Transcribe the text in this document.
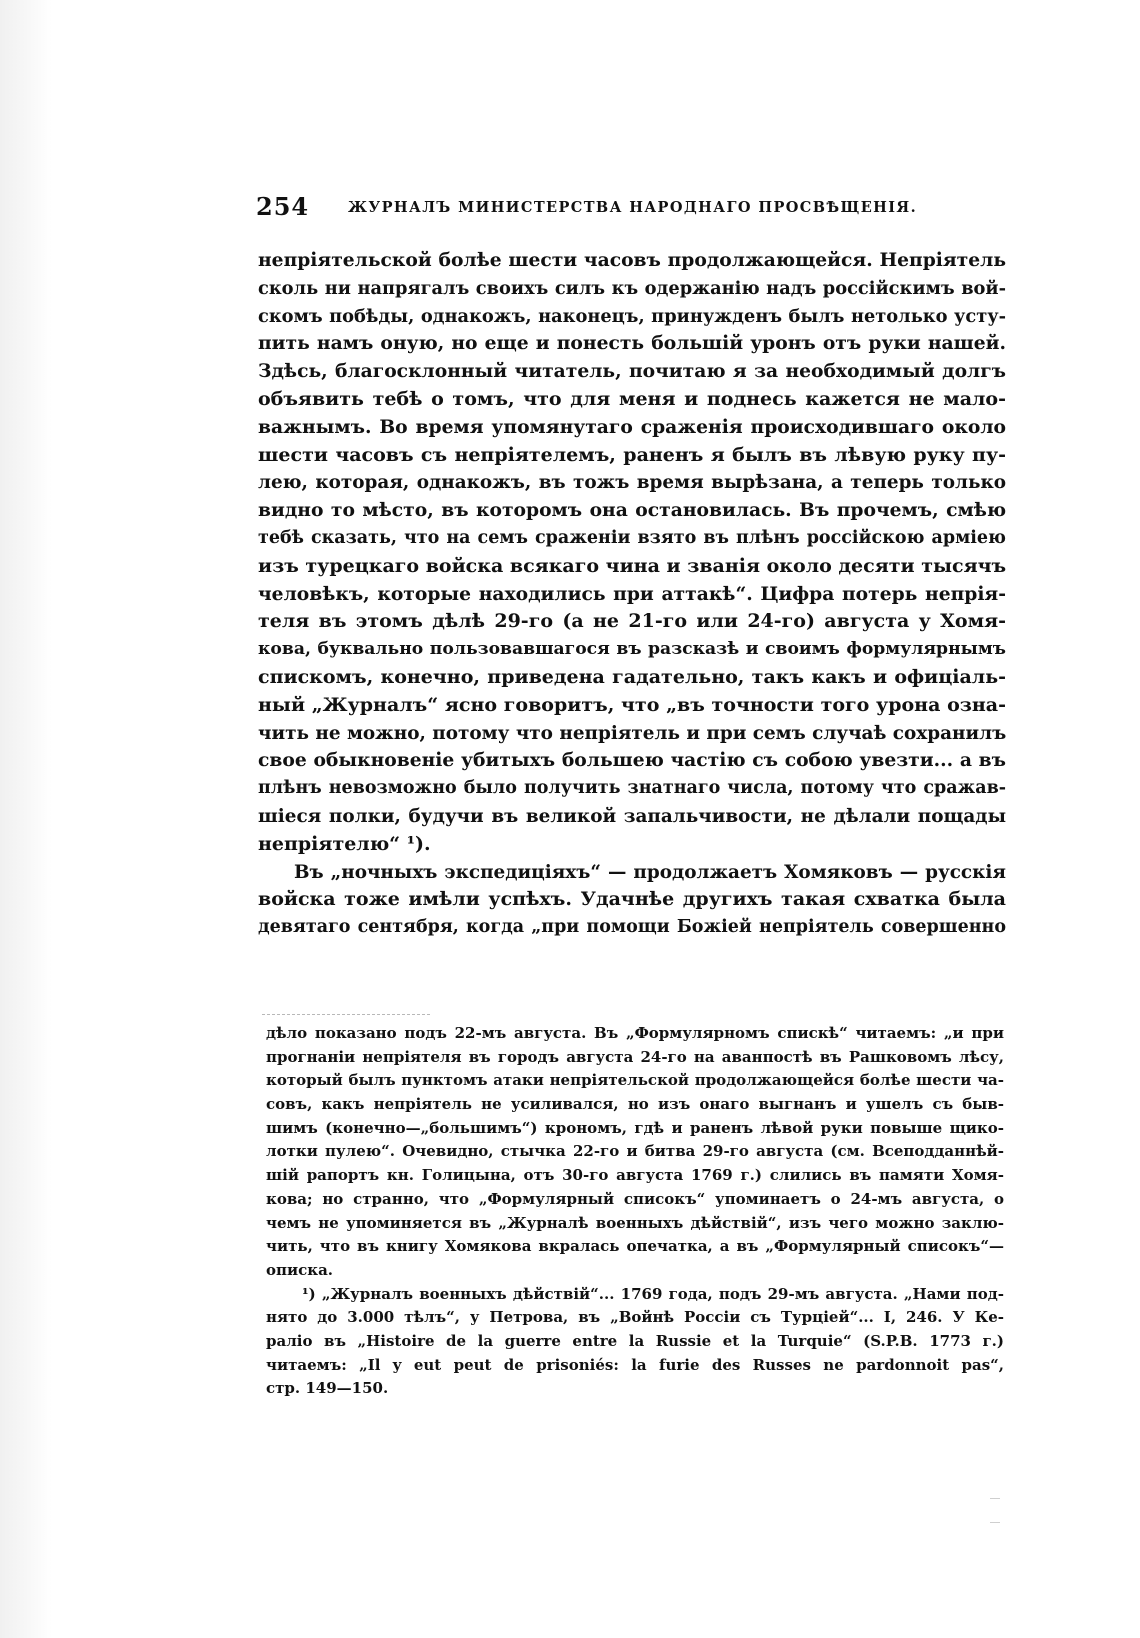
254	ЖУРНАЛЪ МИНИСТЕРСТВА НАРОДНАГО ПРОСВѢЩЕНІЯ.
непріятельской болѣе шести часовъ продолжающейся. Непріятель
сколь ни напрягалъ своихъ силъ къ одержанію надъ россійскимъ вой-
скомъ побѣды, однакожъ, наконецъ, принужденъ былъ нетолько усту-
пить намъ оную, но еще и понесть большій уронъ отъ руки нашей.
Здѣсь, благосклонный читатель, почитаю я за необходимый долгъ
объявить тебѣ о томъ, что для меня и поднесь кажется не мало-
важнымъ. Во время упомянутаго сраженія происходившаго около
шести часовъ съ непріятелемъ, раненъ я былъ въ лѣвую руку пу-
лею, которая, однакожъ, въ тожъ время вырѣзана, а теперь только
видно то мѣсто, въ которомъ она остановилась. Въ прочемъ, смѣю
тебѣ сказать, что на семъ сраженіи взято въ плѣнъ россійскою арміею
изъ турецкаго войска всякаго чина и званія около десяти тысячъ
человѣкъ, которые находились при аттакѣ“. Цифра потерь непрія-
теля въ этомъ дѣлѣ 29-го (а не 21-го или 24-го) августа у Хомя-
кова, буквально пользовавшагося въ разсказѣ и своимъ формулярнымъ
спискомъ, конечно, приведена гадательно, такъ какъ и офиціаль-
ный „Журналъ“ ясно говоритъ, что „въ точности того урона озна-
чить не можно, потому что непріятель и при семъ случаѣ сохранилъ
свое обыкновеніе убитыхъ большею частію съ собою увезти... а въ
плѣнъ невозможно было получить знатнаго числа, потому что сражав-
шіеся полки, будучи въ великой запальчивости, не дѣлали пощады
непріятелю“ ¹).
Въ „ночныхъ экспедиціяхъ“ — продолжаетъ Хомяковъ — русскія
войска тоже имѣли успѣхъ. Удачнѣе другихъ такая схватка была
девятаго сентября, когда „при помощи Божіей непріятель совершенно
дѣло показано подъ 22-мъ августа. Въ „Формулярномъ спискѣ“ читаемъ: „и при
прогнаніи непріятеля въ городъ августа 24-го на аванпостѣ въ Рашковомъ лѣсу,
который былъ пунктомъ атаки непріятельской продолжающейся болѣе шести ча-
совъ, какъ непріятель не усиливался, но изъ онаго выгнанъ и ушелъ съ быв-
шимъ (конечно—„большимъ“) крономъ, гдѣ и раненъ лѣвой руки повыше щико-
лотки пулею“. Очевидно, стычка 22-го и битва 29-го августа (см. Всеподданнѣй-
шій рапортъ кн. Голицына, отъ 30-го августа 1769 г.) слились въ памяти Хомя-
кова; но странно, что „Формулярный списокъ“ упоминаетъ о 24-мъ августа, о
чемъ не упоминяется въ „Журналѣ военныхъ дѣйствій“, изъ чего можно заклю-
чить, что въ книгу Хомякова вкралась опечатка, а въ „Формулярный списокъ“—
описка.
¹) „Журналъ военныхъ дѣйствій“... 1769 года, подъ 29-мъ августа. „Нами под-
нято до 3.000 тѣлъ“, у Петрова, въ „Войнѣ Россіи съ Турціей“... I, 246. У Ке-
раліо въ „Histoire de la guerre entre la Russie et la Turquie“ (S.P.B. 1773 г.)
читаемъ: „Il y eut peut de prisoniés: la furie des Russes ne pardonnoit pas“,
стр. 149—150.
